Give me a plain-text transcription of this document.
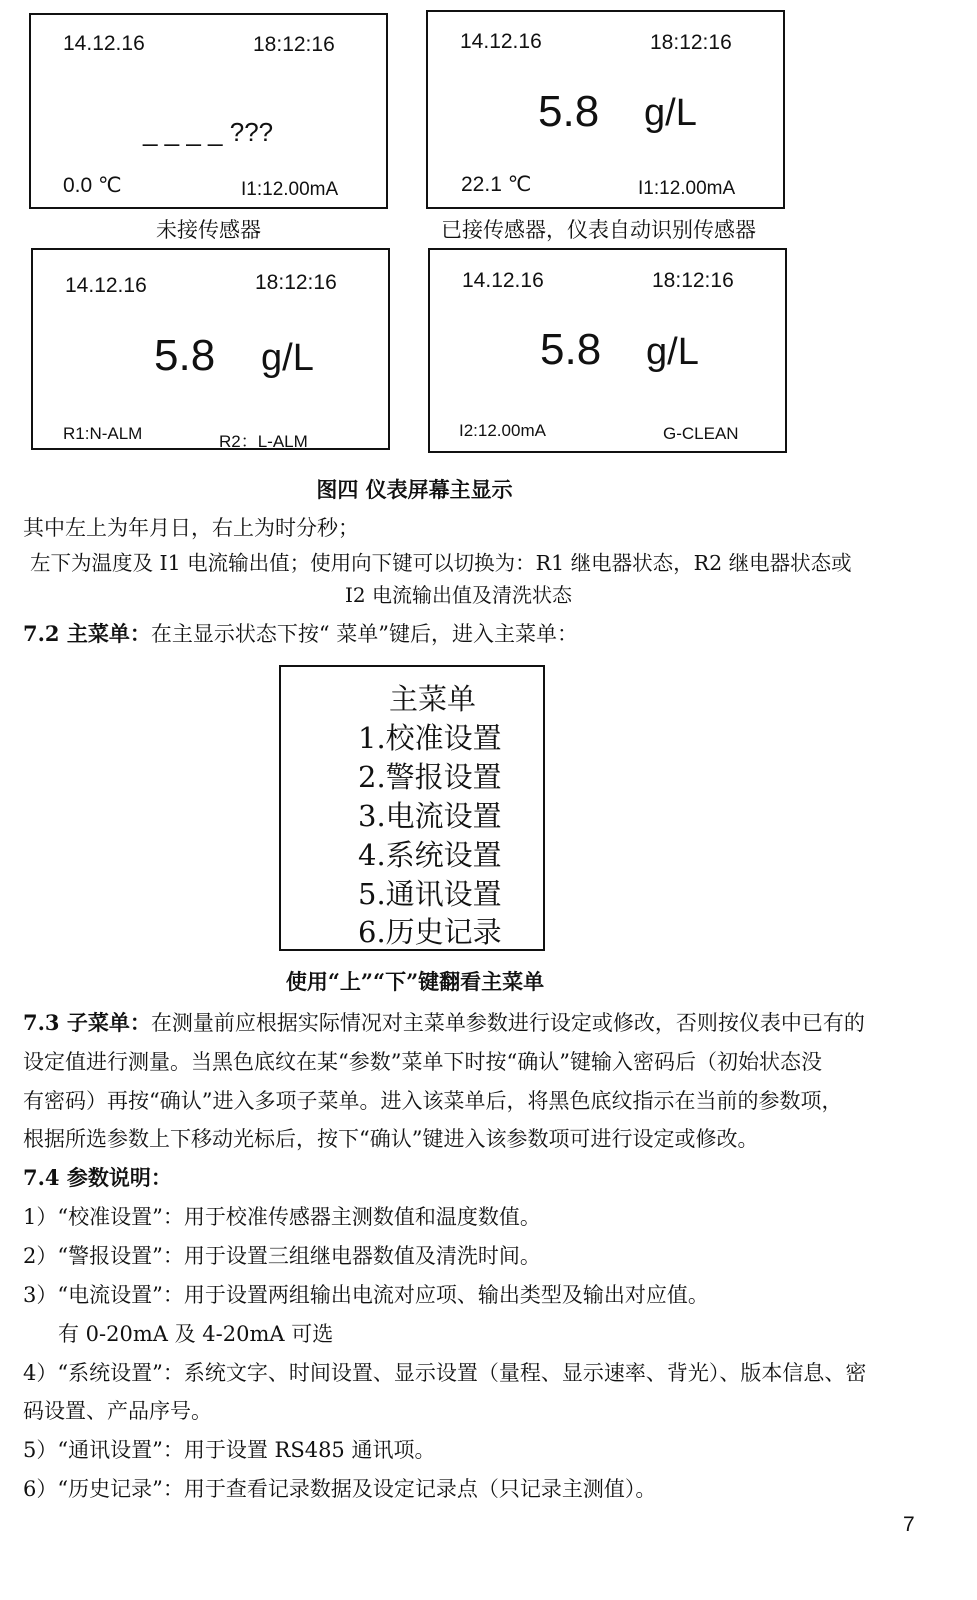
14.12.16	18:12:16
_ _ _ _ ???
0.0 ℃	I1:12.00mA
未接传感器
14.12.16	18:12:16
5.8 g/L
22.1 ℃	I1:12.00mA
已接传感器，仪表自动识别传感器
14.12.16	18:12:16
5.8 g/L
R1:N-ALM	R2：L-ALM
14.12.16	18:12:16
5.8 g/L
I2:12.00mA	G-CLEAN
图四 仪表屏幕主显示
其中左上为年月日，右上为时分秒；
左下为温度及 I1 电流输出值；使用向下键可以切换为：R1 继电器状态，R2 继电器状态或
I2 电流输出值及清洗状态
7.2 主菜单：在主显示状态下按“ 菜单”键后，进入主菜单：
主菜单
1.校准设置
2.警报设置
3.电流设置
4.系统设置
5.通讯设置
6.历史记录
使用“上”“下”键翻看主菜单
7.3 子菜单：在测量前应根据实际情况对主菜单参数进行设定或修改，否则按仪表中已有的
设定值进行测量。当黑色底纹在某“参数”菜单下时按“确认”键输入密码后（初始状态没
有密码）再按“确认”进入多项子菜单。进入该菜单后，将黑色底纹指示在当前的参数项，
根据所选参数上下移动光标后，按下“确认”键进入该参数项可进行设定或修改。
7.4 参数说明：
1）“校准设置”：用于校准传感器主测数值和温度数值。
2）“警报设置”：用于设置三组继电器数值及清洗时间。
3）“电流设置”：用于设置两组输出电流对应项、输出类型及输出对应值。
有 0-20mA 及 4-20mA 可选
4）“系统设置”：系统文字、时间设置、显示设置（量程、显示速率、背光）、版本信息、密
码设置、产品序号。
5）“通讯设置”：用于设置 RS485 通讯项。
6）“历史记录”：用于查看记录数据及设定记录点（只记录主测值）。
7
